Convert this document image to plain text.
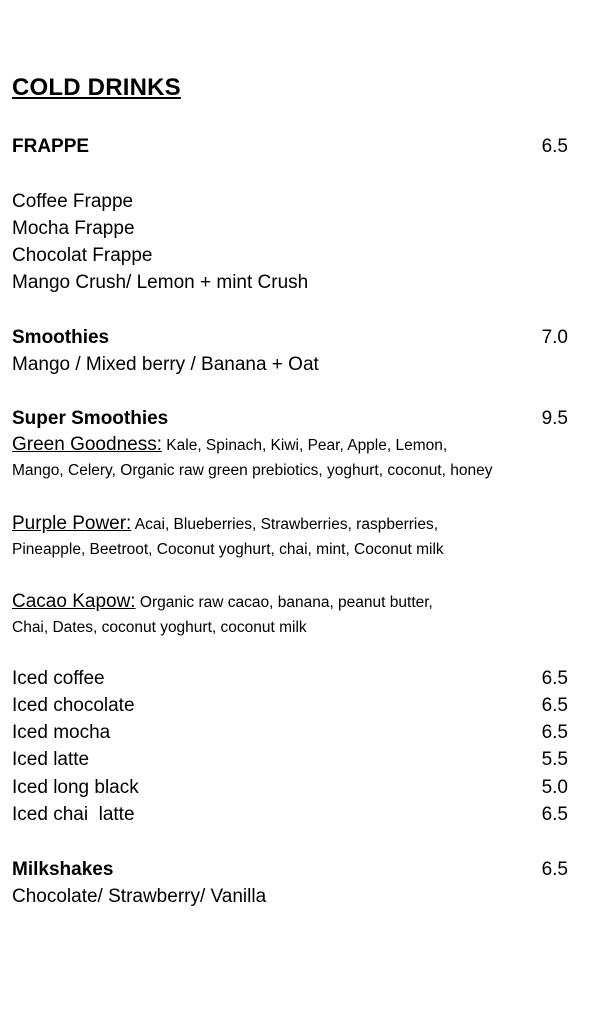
COLD DRINKS
FRAPPE	6.5
Coffee Frappe
Mocha Frappe
Chocolat Frappe
Mango Crush/ Lemon + mint Crush
Smoothies	7.0
Mango / Mixed berry / Banana + Oat
Super Smoothies	9.5
Green Goodness: Kale, Spinach, Kiwi, Pear, Apple, Lemon,
Mango, Celery, Organic raw green prebiotics, yoghurt, coconut, honey
Purple Power: Acai, Blueberries, Strawberries, raspberries,
Pineapple, Beetroot, Coconut yoghurt, chai, mint, Coconut milk
Cacao Kapow: Organic raw cacao, banana, peanut butter,
Chai, Dates, coconut yoghurt, coconut milk
Iced coffee	6.5
Iced chocolate	6.5
Iced mocha	6.5
Iced latte	5.5
Iced long black	5.0
Iced chai  latte	6.5
Milkshakes	6.5
Chocolate/ Strawberry/ Vanilla
